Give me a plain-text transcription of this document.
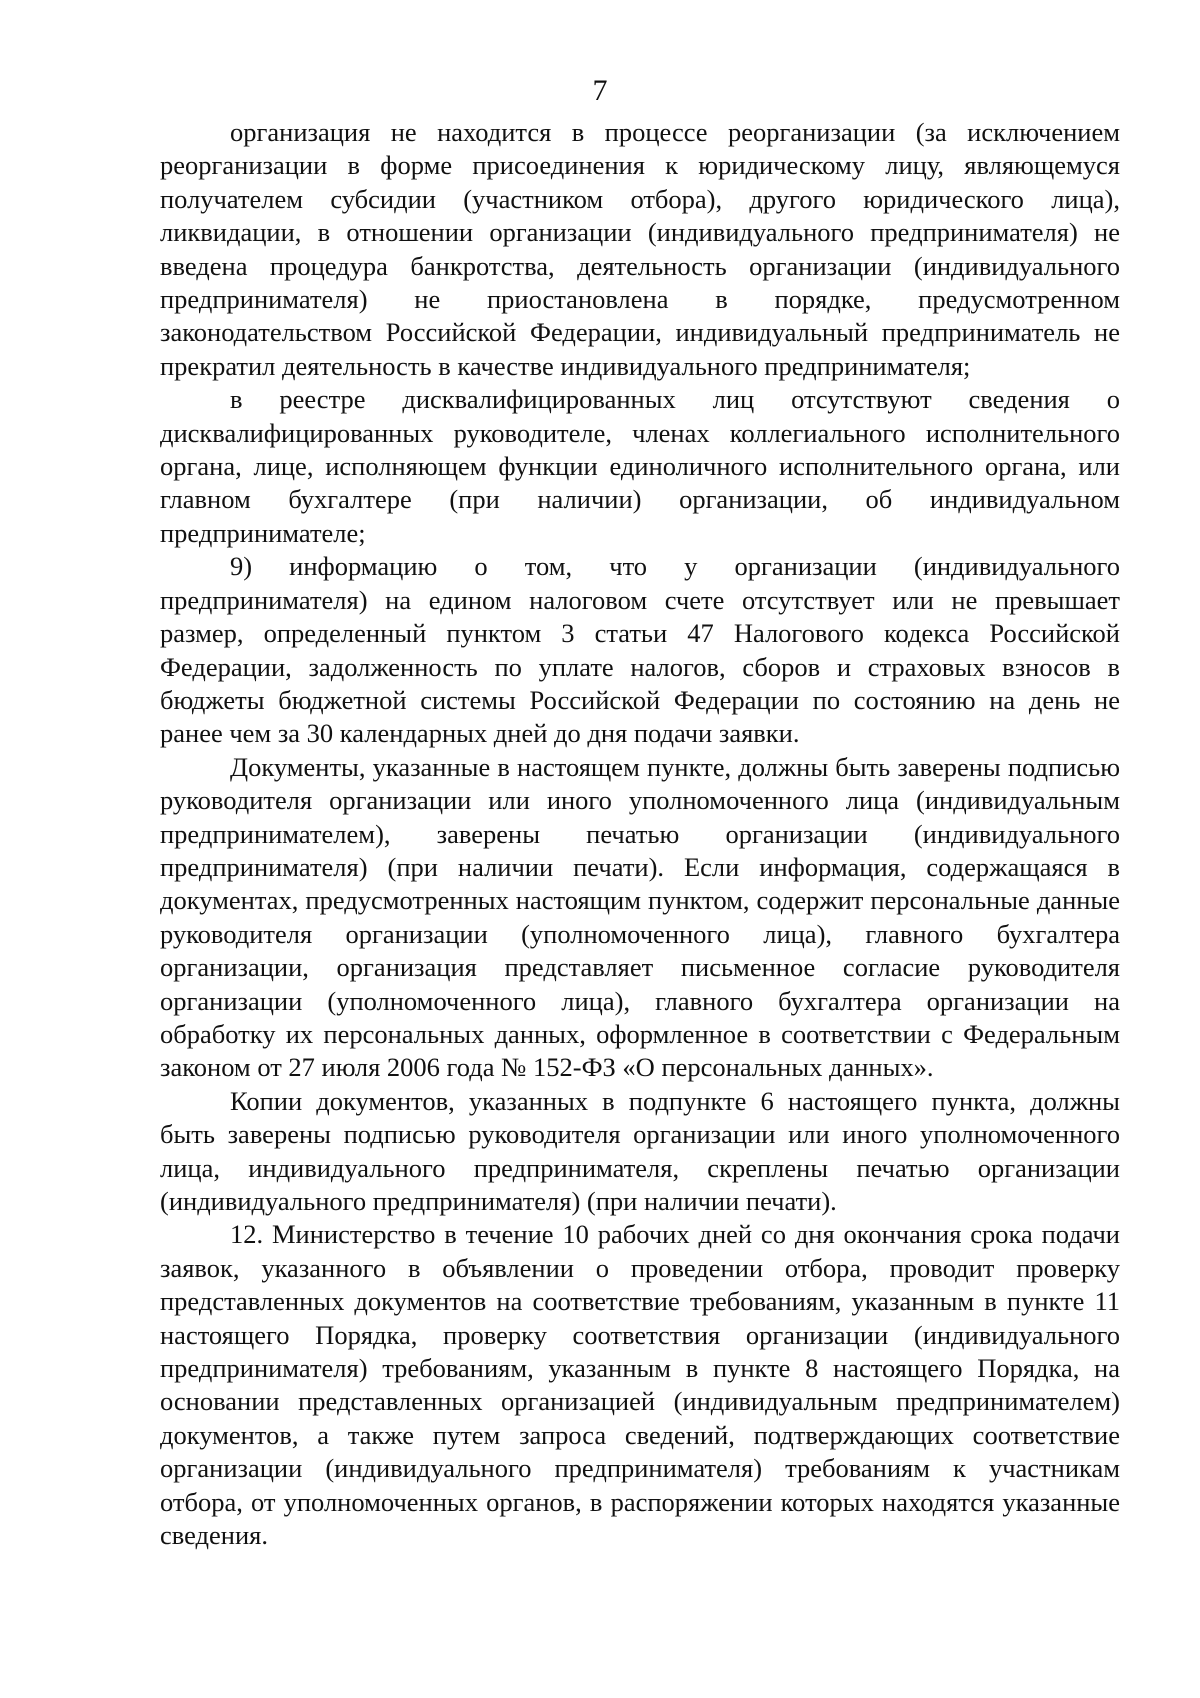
7

организация не находится в процессе реорганизации (за исключением реорганизации в форме присоединения к юридическому лицу, являющемуся получателем субсидии (участником отбора), другого юридического лица), ликвидации, в отношении организации (индивидуального предпринимателя) не введена процедура банкротства, деятельность организации (индивидуального предпринимателя) не приостановлена в порядке, предусмотренном законодательством Российской Федерации, индивидуальный предприниматель не прекратил деятельность в качестве индивидуального предпринимателя;

в реестре дисквалифицированных лиц отсутствуют сведения о дисквалифицированных руководителе, членах коллегиального исполнительного органа, лице, исполняющем функции единоличного исполнительного органа, или главном бухгалтере (при наличии) организации, об индивидуальном предпринимателе;

9) информацию о том, что у организации (индивидуального предпринимателя) на едином налоговом счете отсутствует или не превышает размер, определенный пунктом 3 статьи 47 Налогового кодекса Российской Федерации, задолженность по уплате налогов, сборов и страховых взносов в бюджеты бюджетной системы Российской Федерации по состоянию на день не ранее чем за 30 календарных дней до дня подачи заявки.

Документы, указанные в настоящем пункте, должны быть заверены подписью руководителя организации или иного уполномоченного лица (индивидуальным предпринимателем), заверены печатью организации (индивидуального предпринимателя) (при наличии печати). Если информация, содержащаяся в документах, предусмотренных настоящим пунктом, содержит персональные данные руководителя организации (уполномоченного лица), главного бухгалтера организации, организация представляет письменное согласие руководителя организации (уполномоченного лица), главного бухгалтера организации на обработку их персональных данных, оформленное в соответствии с Федеральным законом от 27 июля 2006 года № 152-ФЗ «О персональных данных».

Копии документов, указанных в подпункте 6 настоящего пункта, должны быть заверены подписью руководителя организации или иного уполномоченного лица, индивидуального предпринимателя, скреплены печатью организации (индивидуального предпринимателя) (при наличии печати).

12. Министерство в течение 10 рабочих дней со дня окончания срока подачи заявок, указанного в объявлении о проведении отбора, проводит проверку представленных документов на соответствие требованиям, указанным в пункте 11 настоящего Порядка, проверку соответствия организации (индивидуального предпринимателя) требованиям, указанным в пункте 8 настоящего Порядка, на основании представленных организацией (индивидуальным предпринимателем) документов, а также путем запроса сведений, подтверждающих соответствие организации (индивидуального предпринимателя) требованиям к участникам отбора, от уполномоченных органов, в распоряжении которых находятся указанные сведения.
